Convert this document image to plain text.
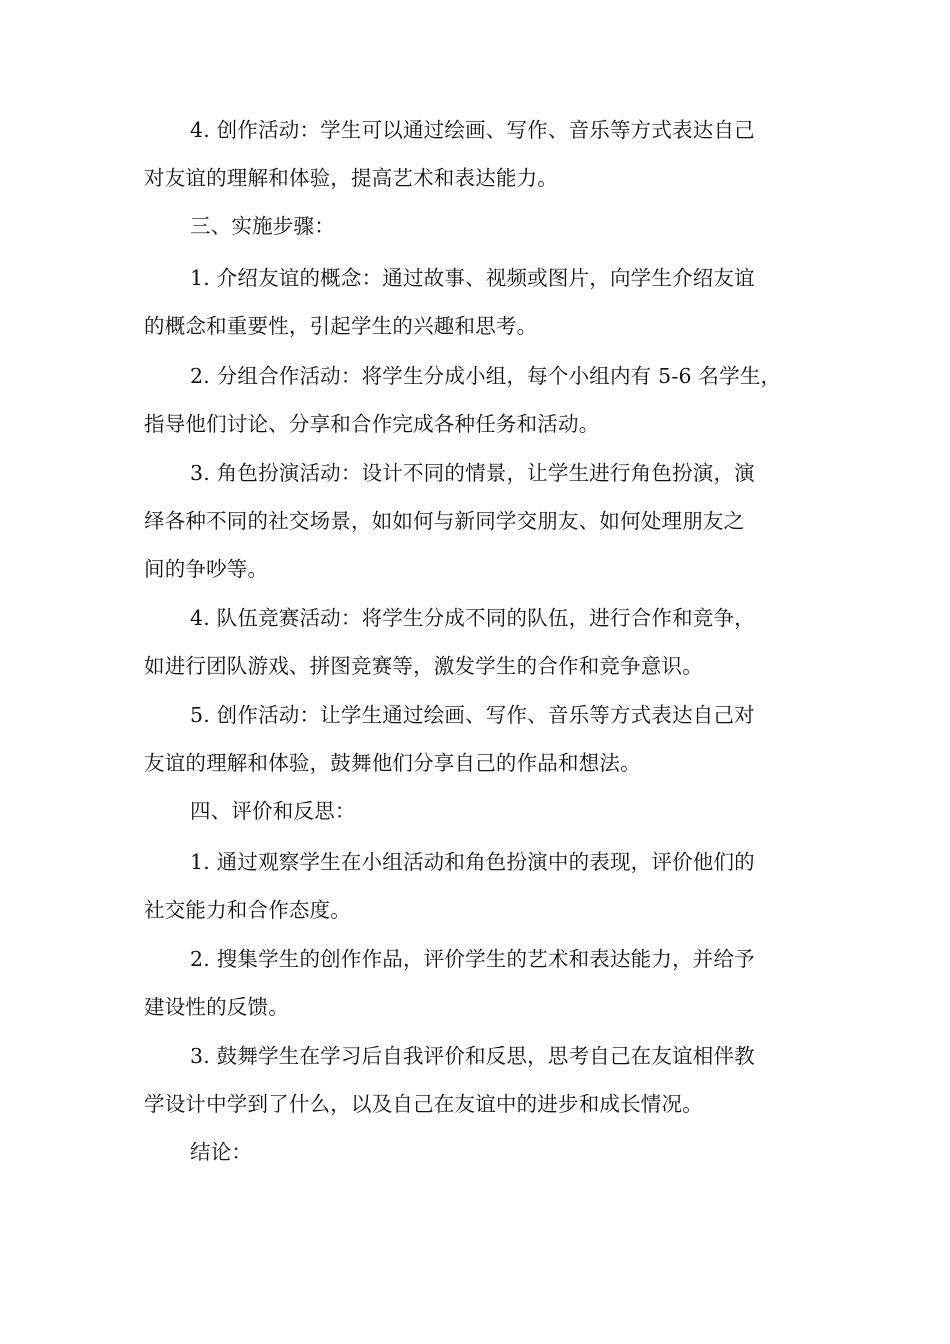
4. 创作活动：学生可以通过绘画、写作、音乐等方式表达自己
对友谊的理解和体验，提高艺术和表达能力。
三、实施步骤：
1. 介绍友谊的概念：通过故事、视频或图片，向学生介绍友谊
的概念和重要性，引起学生的兴趣和思考。
2. 分组合作活动：将学生分成小组，每个小组内有 5-6 名学生，
指导他们讨论、分享和合作完成各种任务和活动。
3. 角色扮演活动：设计不同的情景，让学生进行角色扮演，演
绎各种不同的社交场景，如如何与新同学交朋友、如何处理朋友之
间的争吵等。
4. 队伍竞赛活动：将学生分成不同的队伍，进行合作和竞争，
如进行团队游戏、拼图竞赛等，激发学生的合作和竞争意识。
5. 创作活动：让学生通过绘画、写作、音乐等方式表达自己对
友谊的理解和体验，鼓舞他们分享自己的作品和想法。
四、评价和反思：
1. 通过观察学生在小组活动和角色扮演中的表现，评价他们的
社交能力和合作态度。
2. 搜集学生的创作作品，评价学生的艺术和表达能力，并给予
建设性的反馈。
3. 鼓舞学生在学习后自我评价和反思，思考自己在友谊相伴教
学设计中学到了什么，以及自己在友谊中的进步和成长情况。
结论：
